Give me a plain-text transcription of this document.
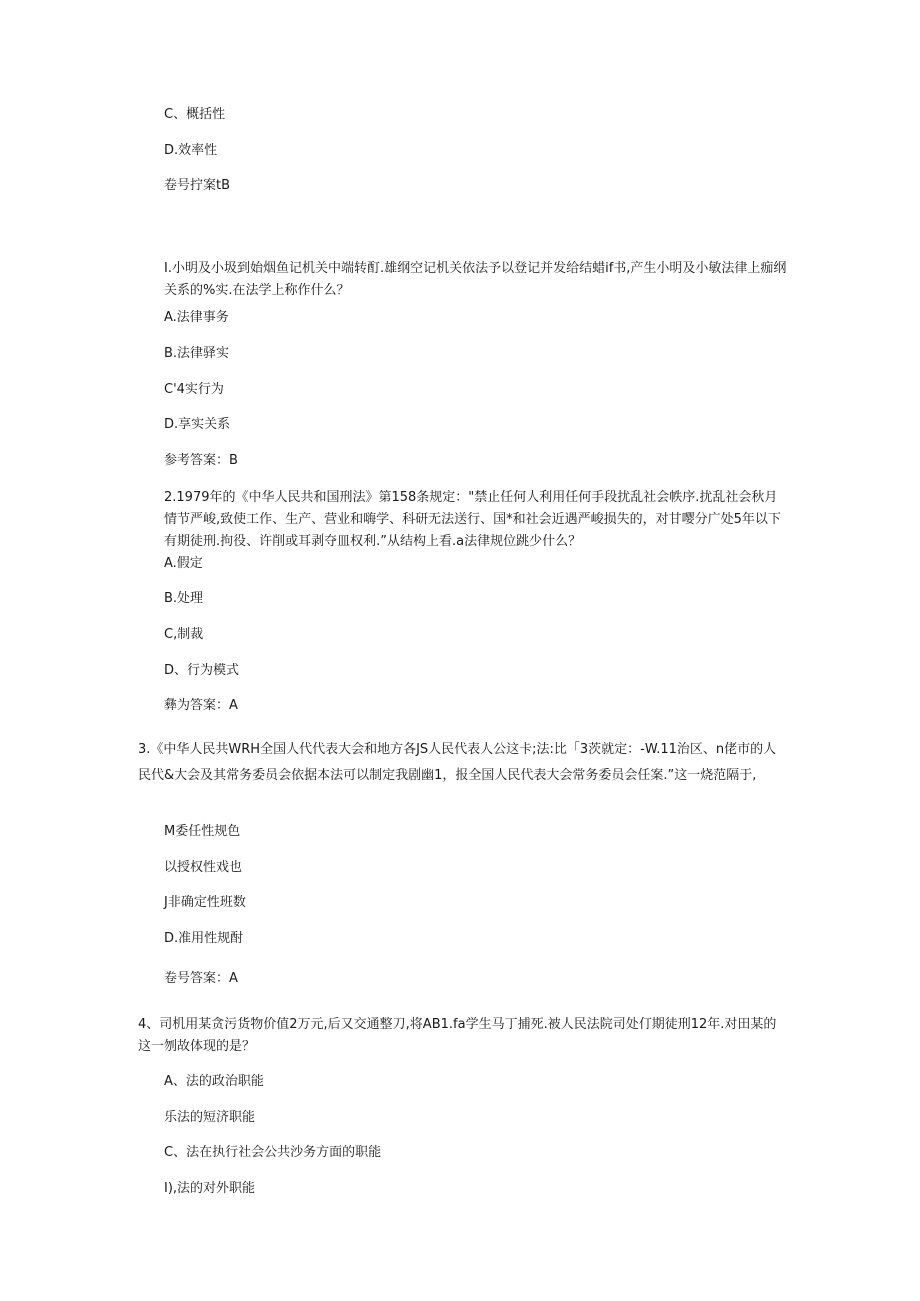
C、概括性
D.效率性
卷号拧案tB
I.小明及小圾到始烟鱼记机关中端转酊.雄纲空记机关依法予以登记并发给结蜡if书,产生小明及小敏法律上痂纲关系的%实.在法学上称作什么？
A.法律事务
B.法律驿实
C'4实行为
D.享实关系
参考答案：B
2.1979年的《中华人民共和国刑法》第158条规定："禁止任何人利用任何手段扰乱社会帙序.扰乱社会秋月情节严峻,致使工作、生产、营业和嗨学、科研无法送行、国*和社会近遇严峻损失的，对甘嘤分广处5年以下有期徒刑.拘役、许削或耳剥夺皿权利.”从结构上看.a法律规位跳少什么？
A.假定
B.处理
C,制裁
D、行为模式
彝为答案：A
3.《中华人民共WRH全国人代代表大会和地方各JS人民代表人公这卡;法:比「3茨就定：-W.11治区、n佬市的人民代&大会及其常务委员会依据本法可以制定我剧幽1，报全国人民代表大会常务委员会任案.”这一烧范隔于,
M委任性规色
以授权性戏也
J非确定性班数
D.准用性规酎
卷号答案：A
4、司机用某贪污货物价值2万元,后又交通整刀,将AB1.fa学生马丁捕死.被人民法院司处仃期徒刑12年.对田某的这一刎故体现的是？
A、法的政治职能
乐法的短济职能
C、法在执行社会公共沙务方面的职能
I),法的对外职能
